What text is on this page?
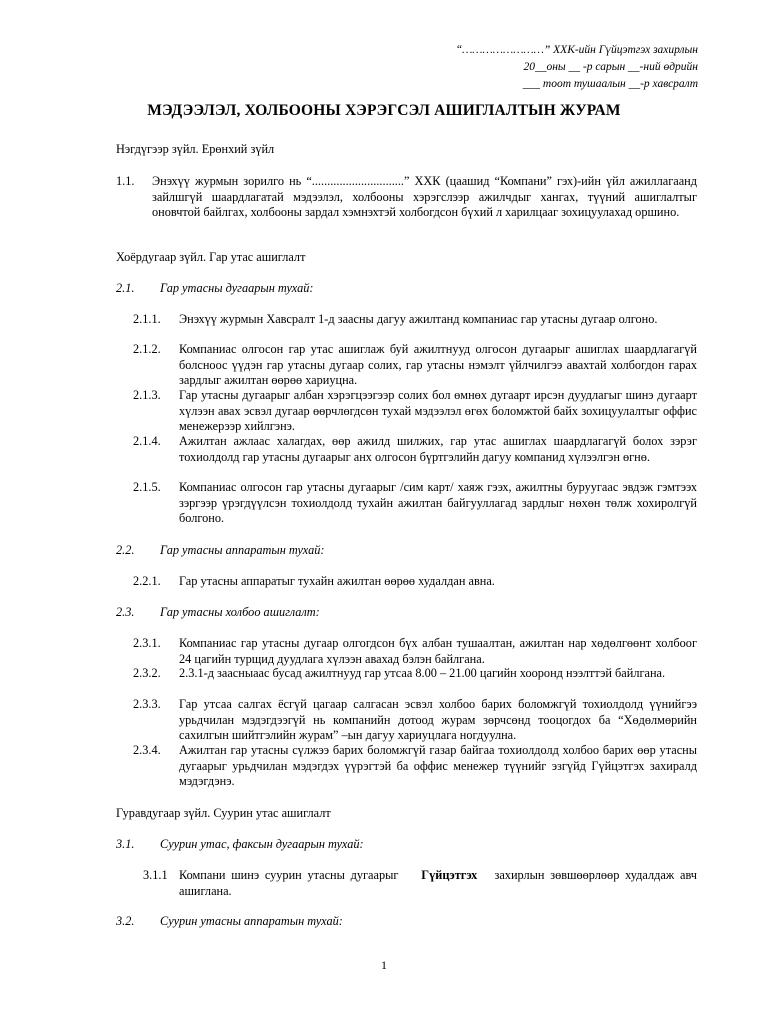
“……………………” ХХК-ийн Гүйцэтгэх захирлын
20__оны __ -р сарын __-ний өдрийн
___ тоот тушаалын __-р хавсралт
МЭДЭЭЛЭЛ, ХОЛБООНЫ ХЭРЭГСЭЛ АШИГЛАЛТЫН ЖУРАМ
Нэгдүгээр зүйл. Ерөнхий зүйл
1.1. Энэхүү журмын зорилго нь “..............................” ХХК (цаашид “Компани” гэх)-ийн үйл ажиллагаанд зайлшгүй шаардлагатай мэдээлэл, холбооны хэрэгслээр ажилчдыг хангах, түүний ашиглалтыг оновчтой байлгах, холбооны зардал хэмнэхтэй холбогдсон бүхий л харилцааг зохицуулахад оршино.
Хоёрдугаар зүйл. Гар утас ашиглалт
2.1. Гар утасны дугаарын тухай:
2.1.1. Энэхүү журмын Хавсралт 1-д заасны дагуу ажилтанд компаниас гар утасны дугаар олгоно.
2.1.2. Компаниас олгосон гар утас ашиглаж буй ажилтнууд олгосон дугаарыг ашиглах шаардлагагүй болсноос үүдэн гар утасны дугаар солих, гар утасны нэмэлт үйлчилгээ авахтай холбогдон гарах зардлыг ажилтан өөрөө хариуцна.
2.1.3. Гар утасны дугаарыг албан хэрэгцээгээр солих бол өмнөх дугаарт ирсэн дуудлагыг шинэ дугаарт хүлээн авах эсвэл дугаар өөрчлөгдсөн тухай мэдээлэл өгөх боломжтой байх зохицуулалтыг оффис менежерээр хийлгэнэ.
2.1.4. Ажилтан ажлаас халагдах, өөр ажилд шилжих, гар утас ашиглах шаардлагагүй болох зэрэг тохиолдолд гар утасны дугаарыг анх олгосон бүртгэлийн дагуу компанид хүлээлгэн өгнө.
2.1.5. Компаниас олгосон гар утасны дугаарыг /сим карт/ хаяж гээх, ажилтны буруугаас эвдэж гэмтээх зэргээр үрэгдүүлсэн тохиолдолд тухайн ажилтан байгууллагад зардлыг нөхөн төлж хохиролгүй болгоно.
2.2. Гар утасны аппаратын тухай:
2.2.1. Гар утасны аппаратыг тухайн ажилтан өөрөө худалдан авна.
2.3. Гар утасны холбоо ашиглалт:
2.3.1. Компаниас гар утасны дугаар олгогдсон бүх албан тушаалтан, ажилтан нар хөдөлгөөнт холбоог 24 цагийн турщид дуудлага хүлээн авахад бэлэн байлгана.
2.3.2. 2.3.1-д заасныаас бусад ажилтнууд гар утсаа 8.00 – 21.00 цагийн хооронд нээлттэй байлгана.
2.3.3. Гар утсаа салгах ёсгүй цагаар салгасан эсвэл холбоо барих боломжгүй тохиолдолд үүнийгээ урьдчилан мэдэгдээгүй нь компанийн дотоод журам зөрчсөнд тооцогдох ба “Хөдөлмөрийн сахилгын шийтгэлийн журам” –ын дагуу хариуцлага ногдуулна.
2.3.4. Ажилтан гар утасны сүлжээ барих боломжгүй газар байгаа тохиолдолд холбоо барих өөр утасны дугаарыг урьдчилан мэдэгдэх үүрэгтэй ба оффис менежер түүнийг эзгүйд Гүйцэтгэх захиралд мэдэгдэнэ.
Гуравдугаар зүйл. Суурин утас ашиглалт
3.1. Суурин утас, факсын дугаарын тухай:
3.1.1 Компани шинэ суурин утасны дугаарыг Гүйцэтгэх захирлын зөвшөөрлөөр худалдаж авч ашиглана.
3.2. Суурин утасны аппаратын тухай:
1
